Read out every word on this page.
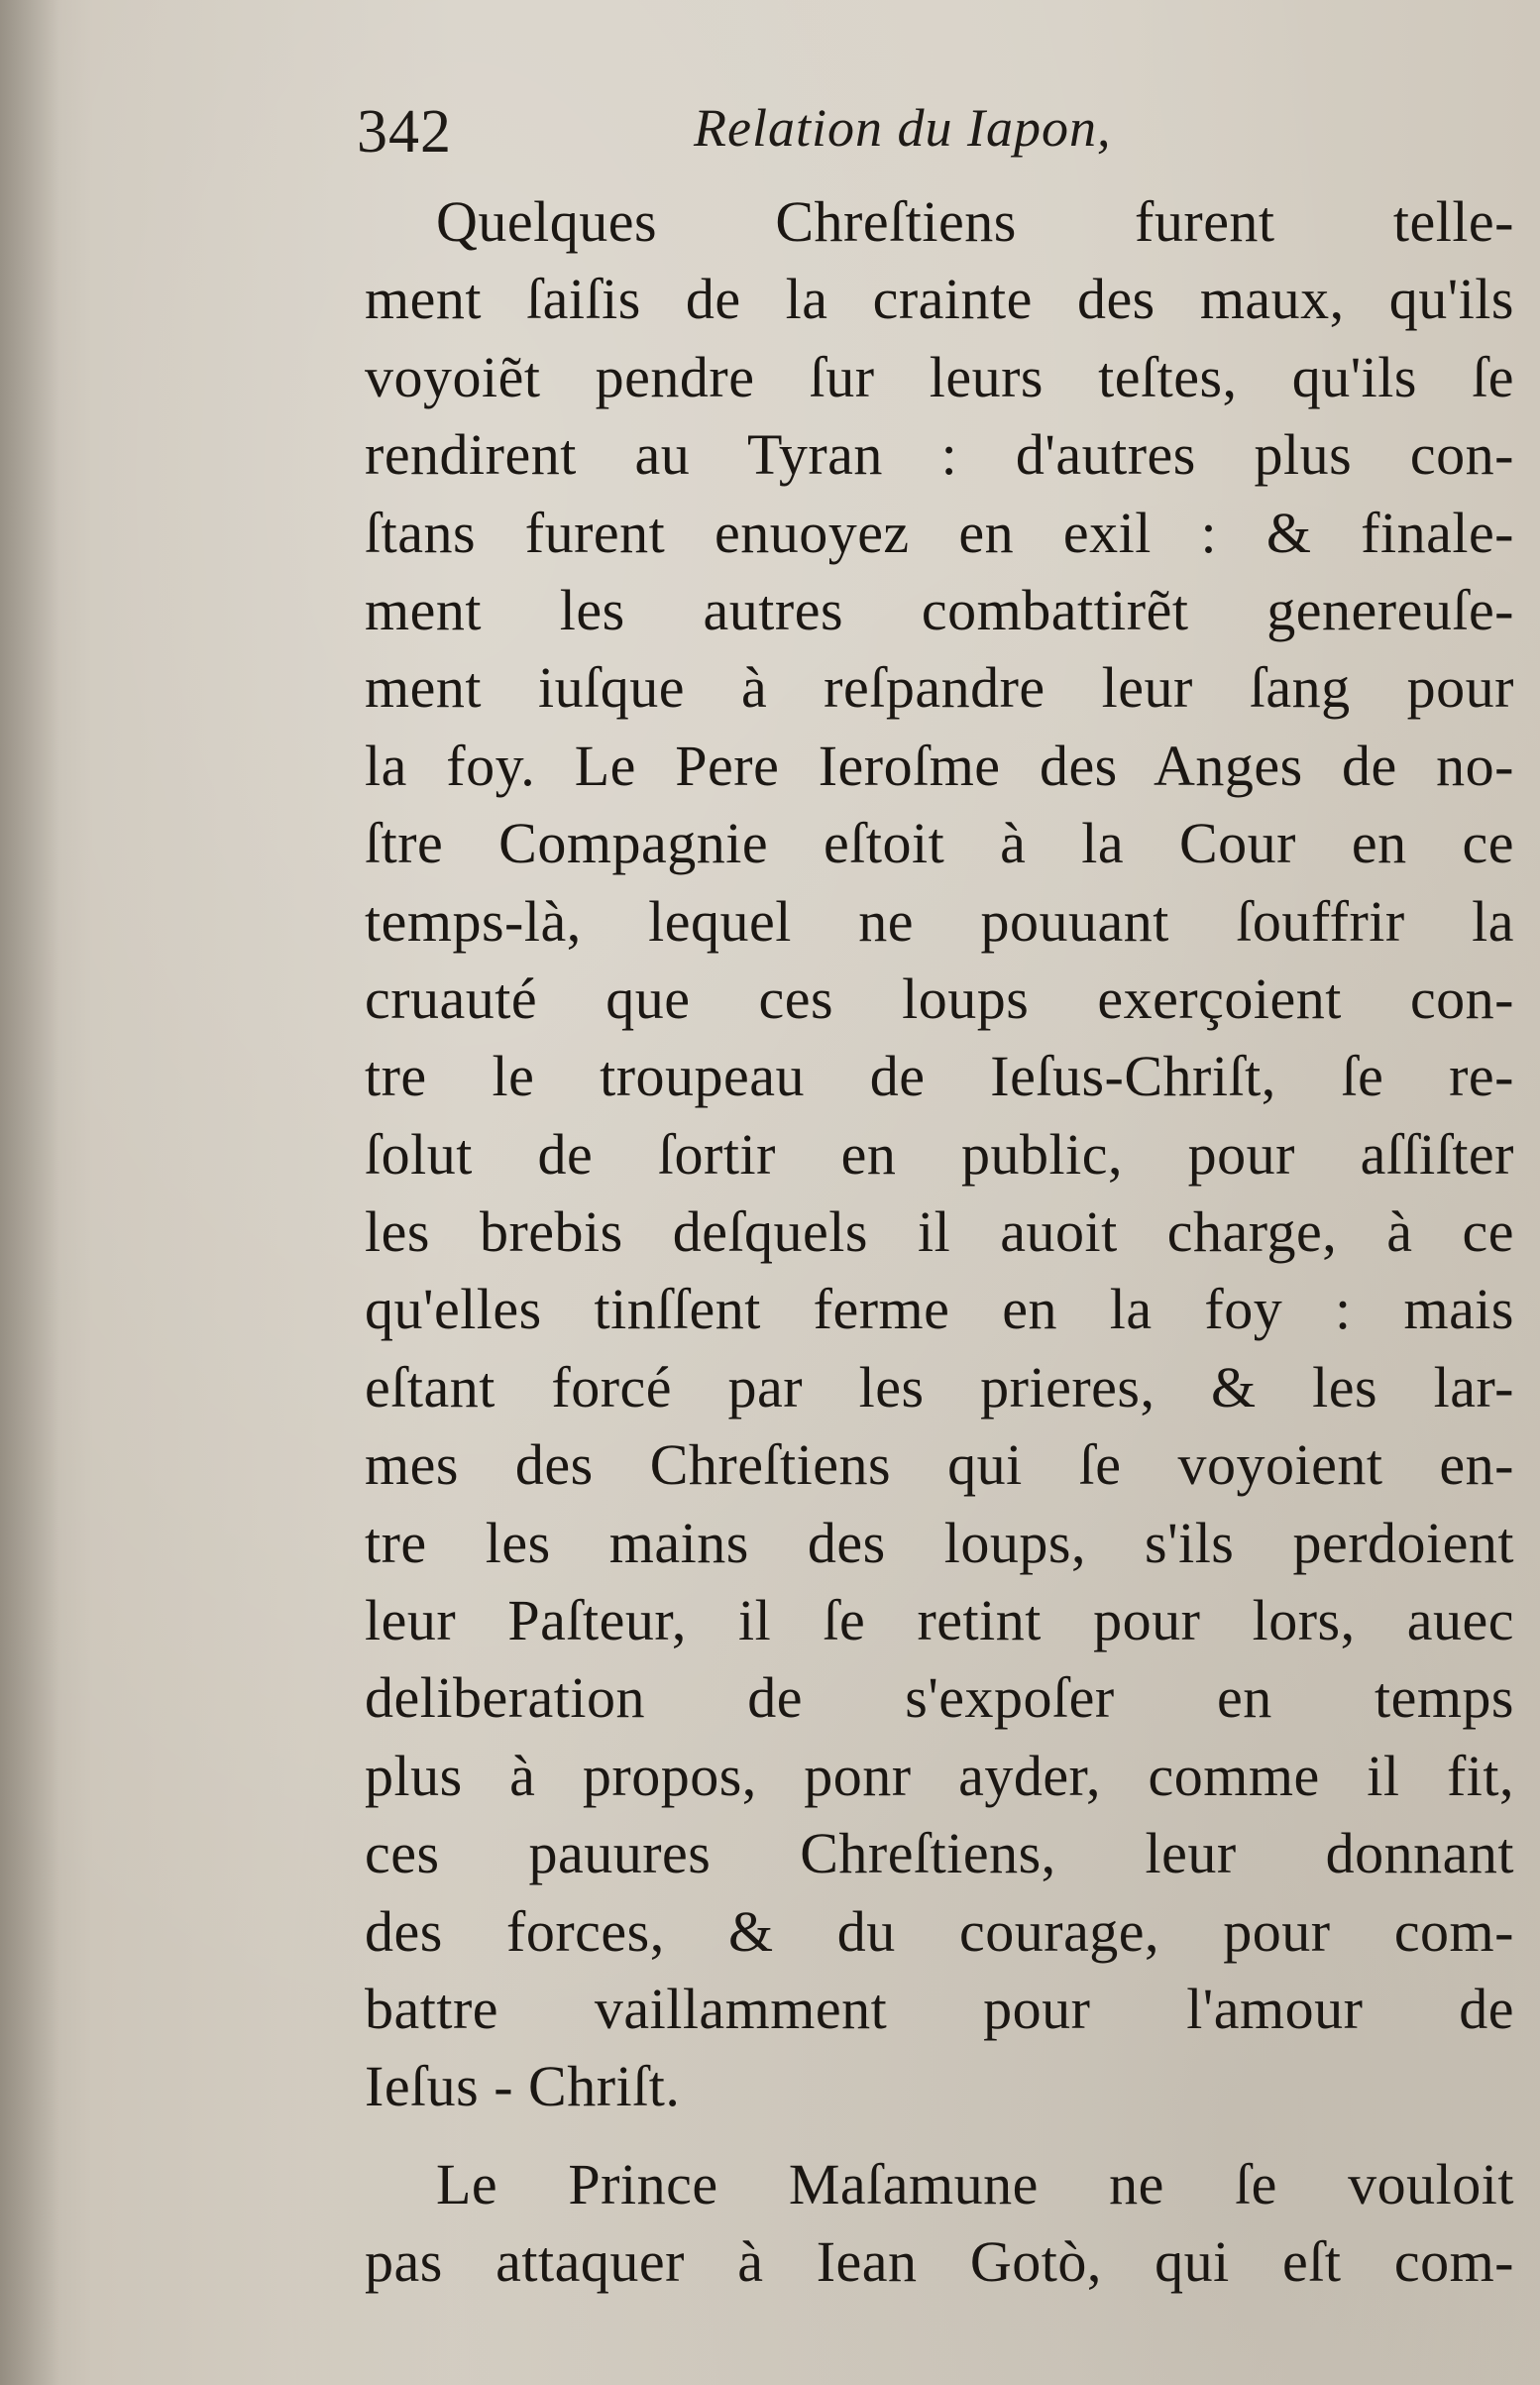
342	Relation du Iapon,
Quelques Chreſtiens furent telle-
ment ſaiſis de la crainte des maux, qu'ils
voyoiẽt pendre ſur leurs teſtes, qu'ils ſe
rendirent au Tyran : d'autres plus con-
ſtans furent enuoyez en exil : & finale-
ment les autres combattirẽt genereuſe-
ment iuſque à reſpandre leur ſang pour
la foy. Le Pere Ieroſme des Anges de no-
ſtre Compagnie eſtoit à la Cour en ce
temps-là, lequel ne pouuant ſouffrir la
cruauté que ces loups exerçoient con-
tre le troupeau de Ieſus-Chriſt, ſe re-
ſolut de ſortir en public, pour aſſiſter
les brebis deſquels il auoit charge, à ce
qu'elles tinſſent ferme en la foy : mais
eſtant forcé par les prieres, & les lar-
mes des Chreſtiens qui ſe voyoient en-
tre les mains des loups, s'ils perdoient
leur Paſteur, il ſe retint pour lors, auec
deliberation de s'expoſer en temps
plus à propos, ponr ayder, comme il fit,
ces pauures Chreſtiens, leur donnant
des forces, & du courage, pour com-
battre vaillamment pour l'amour de
Ieſus - Chriſt.
Le Prince Maſamune ne ſe vouloit
pas attaquer à Iean Gotò, qui eſt com-
